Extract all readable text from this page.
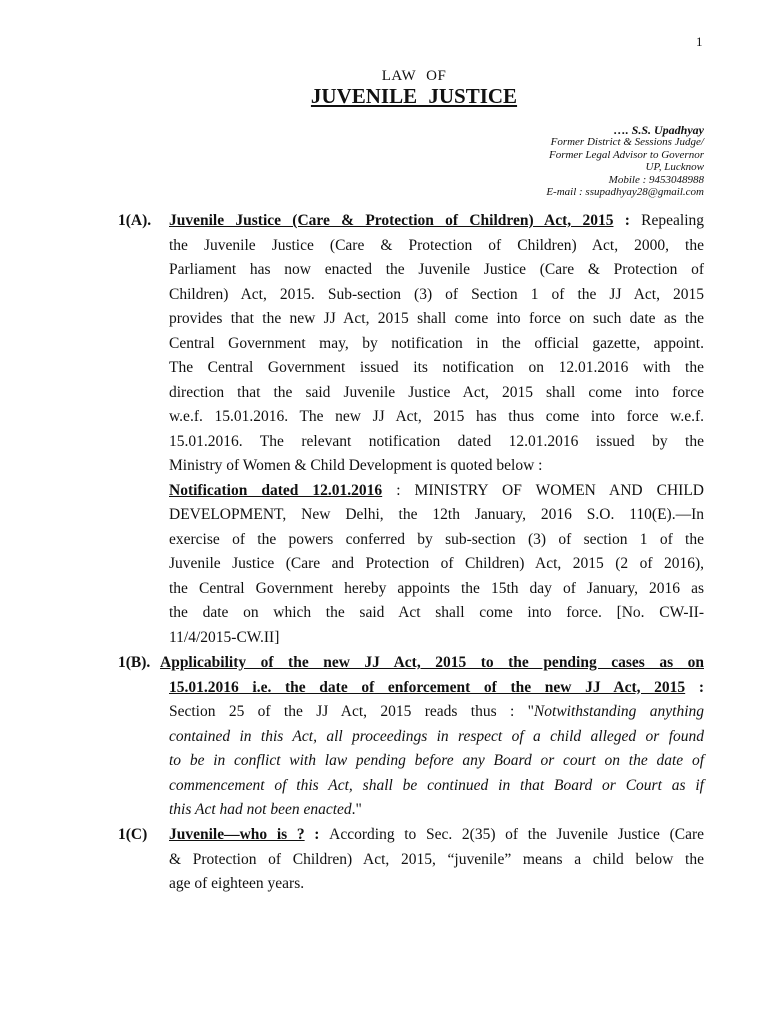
1
LAW OF
JUVENILE JUSTICE
…. S.S. Upadhyay
Former District & Sessions Judge/
Former Legal Advisor to Governor
UP, Lucknow
Mobile : 9453048988
E-mail : ssupadhyay28@gmail.com
1(A). Juvenile Justice (Care & Protection of Children) Act, 2015 : Repealing
the Juvenile Justice (Care & Protection of Children) Act, 2000, the
Parliament has now enacted the Juvenile Justice (Care & Protection of
Children) Act, 2015. Sub-section (3) of Section 1 of the JJ Act, 2015
provides that the new JJ Act, 2015 shall come into force on such date as the
Central Government may, by notification in the official gazette, appoint.
The Central Government issued its notification on 12.01.2016 with the
direction that the said Juvenile Justice Act, 2015 shall come into force
w.e.f. 15.01.2016. The new JJ Act, 2015 has thus come into force w.e.f.
15.01.2016. The relevant notification dated 12.01.2016 issued by the
Ministry of Women & Child Development is quoted below :
Notification dated 12.01.2016 : MINISTRY OF WOMEN AND CHILD
DEVELOPMENT, New Delhi, the 12th January, 2016 S.O. 110(E).—In
exercise of the powers conferred by sub-section (3) of section 1 of the
Juvenile Justice (Care and Protection of Children) Act, 2015 (2 of 2016),
the Central Government hereby appoints the 15th day of January, 2016 as
the date on which the said Act shall come into force. [No. CW-II-
11/4/2015-CW.II]
1(B). Applicability of the new JJ Act, 2015 to the pending cases as on
15.01.2016 i.e. the date of enforcement of the new JJ Act, 2015 :
Section 25 of the JJ Act, 2015 reads thus : "Notwithstanding anything
contained in this Act, all proceedings in respect of a child alleged or found
to be in conflict with law pending before any Board or court on the date of
commencement of this Act, shall be continued in that Board or Court as if
this Act had not been enacted."
1(C) Juvenile—who is ? : According to Sec. 2(35) of the Juvenile Justice (Care
& Protection of Children) Act, 2015, “juvenile” means a child below the
age of eighteen years.
